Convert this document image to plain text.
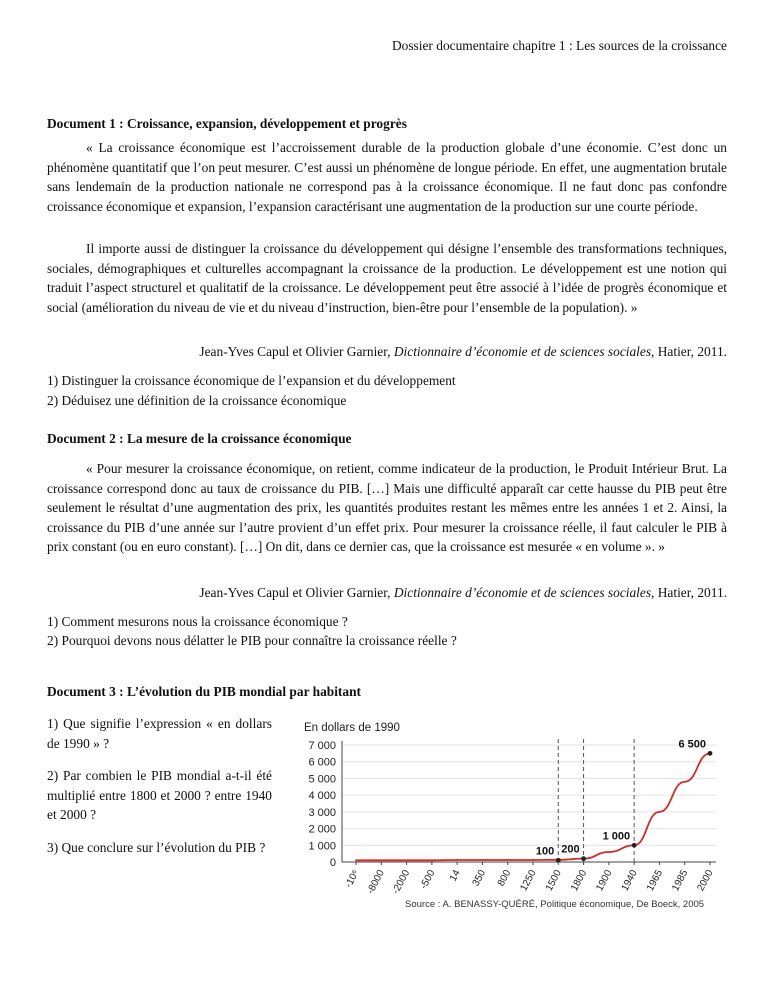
Dossier documentaire chapitre 1 : Les sources de la croissance
Document 1 : Croissance, expansion, développement et progrès

« La croissance économique est l’accroissement durable de la production globale d’une économie. C’est donc un phénomène quantitatif que l’on peut mesurer. C’est aussi un phénomène de longue période. En effet, une augmentation brutale sans lendemain de la production nationale ne correspond pas à la croissance économique. Il ne faut donc pas confondre croissance économique et expansion, l’expansion caractérisant une augmentation de la production sur une courte période.

Il importe aussi de distinguer la croissance du développement qui désigne l’ensemble des transformations techniques, sociales, démographiques et culturelles accompagnant la croissance de la production. Le développement est une notion qui traduit l’aspect structurel et qualitatif de la croissance. Le développement peut être associé à l’idée de progrès économique et social (amélioration du niveau de vie et du niveau d’instruction, bien-être pour l’ensemble de la population). »

Jean-Yves Capul et Olivier Garnier, Dictionnaire d’économie et de sciences sociales, Hatier, 2011.

1) Distinguer la croissance économique de l’expansion et du développement

2) Déduisez une définition de la croissance économique

Document 2 : La mesure de la croissance économique

« Pour mesurer la croissance économique, on retient, comme indicateur de la production, le Produit Intérieur Brut. La croissance correspond donc au taux de croissance du PIB. […] Mais une difficulté apparaît car cette hausse du PIB peut être seulement le résultat d’une augmentation des prix, les quantités produites restant les mêmes entre les années 1 et 2. Ainsi, la croissance du PIB d’une année sur l’autre provient d’un effet prix. Pour mesurer la croissance réelle, il faut calculer le PIB à prix constant (ou en euro constant). […] On dit, dans ce dernier cas, que la croissance est mesurée « en volume ». »

Jean-Yves Capul et Olivier Garnier, Dictionnaire d’économie et de sciences sociales, Hatier, 2011.

1) Comment mesurons nous la croissance économique ?

2) Pourquoi devons nous délatter le PIB pour connaître la croissance réelle ?

Document 3 : L’évolution du PIB mondial par habitant

1) Que signifie l’expression « en dollars de 1990 » ?

2) Par combien le PIB mondial a-t-il été multiplié entre 1800 et 2000 ? entre 1940 et 2000 ?

3) Que conclure sur l’évolution du PIB ?

En dollars de 1990
100 200
1 000
6 500
-10⁶ -8000 -2000 -500 14 350 800 1250 1500 1800 1900 1940 1965 1985 2000
7 000
6 000
5 000
4 000
3 000
2 000
1 000
0
Source : A. BENASSY-QUÉRÉ, Politique économique, De Boeck, 2005
